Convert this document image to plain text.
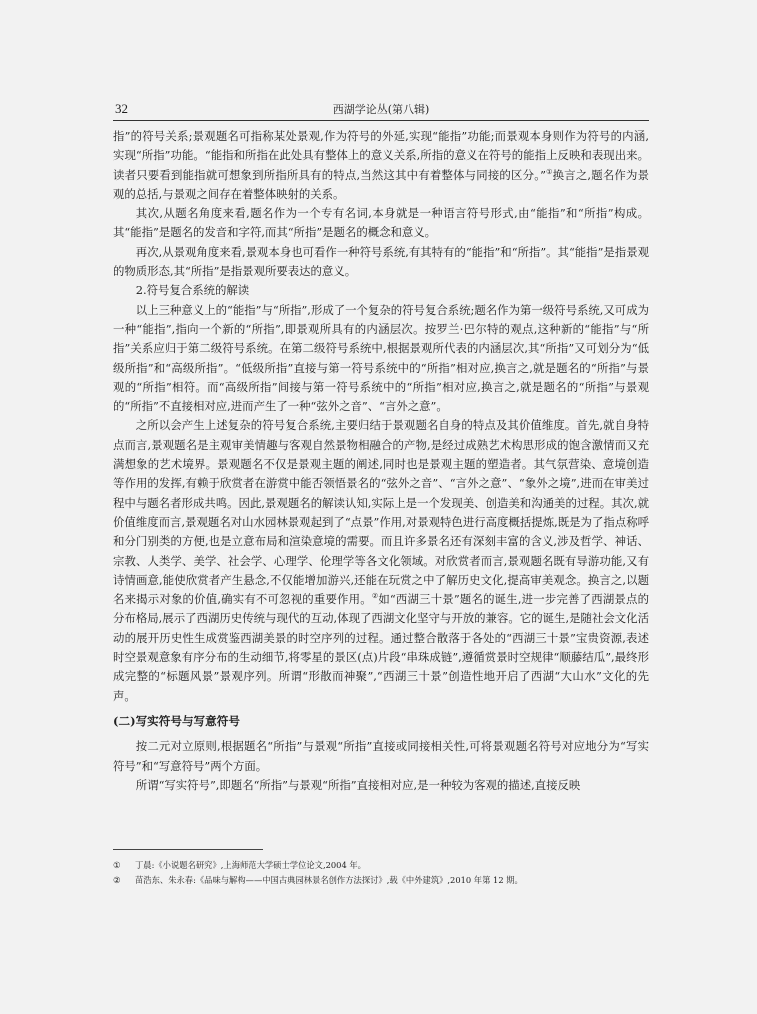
32	西湖学论丛(第八辑)

指”的符号关系;景观题名可指称某处景观,作为符号的外延,实现“能指”功能;而景观本身则作为符号的内涵,实现“所指”功能。“能指和所指在此处具有整体上的意义关系,所指的意义在符号的能指上反映和表现出来。读者只要看到能指就可想象到所指所具有的特点,当然这其中有着整体与同接的区分。”①换言之,题名作为景观的总括,与景观之间存在着整体映射的关系。

其次,从题名角度来看,题名作为一个专有名词,本身就是一种语言符号形式,由“能指”和“所指”构成。其“能指”是题名的发音和字符,而其“所指”是题名的概念和意义。

再次,从景观角度来看,景观本身也可看作一种符号系统,有其特有的“能指”和“所指”。其“能指”是指景观的物质形态,其“所指”是指景观所要表达的意义。

2.符号复合系统的解读

以上三种意义上的“能指”与“所指”,形成了一个复杂的符号复合系统;题名作为第一级符号系统,又可成为一种“能指”,指向一个新的“所指”,即景观所具有的内涵层次。按罗兰·巴尔特的观点,这种新的“能指”与“所指”关系应归于第二级符号系统。在第二级符号系统中,根据景观所代表的内涵层次,其“所指”又可划分为“低级所指”和“高级所指”。“低级所指”直接与第一符号系统中的“所指”相对应,换言之,就是题名的“所指”与景观的“所指”相符。而“高级所指”间接与第一符号系统中的“所指”相对应,换言之,就是题名的“所指”与景观的“所指”不直接相对应,进而产生了一种“弦外之音”、“言外之意”。

之所以会产生上述复杂的符号复合系统,主要归结于景观题名自身的特点及其价值维度。首先,就自身特点而言,景观题名是主观审美情趣与客观自然景物相融合的产物,是经过成熟艺术构思形成的饱含激情而又充满想象的艺术境界。景观题名不仅是景观主题的阐述,同时也是景观主题的塑造者。其气氛营染、意境创造等作用的发挥,有赖于欣赏者在游赏中能否领悟景名的“弦外之音”、“言外之意”、“象外之境”,进而在审美过程中与题名者形成共鸣。因此,景观题名的解读认知,实际上是一个发现美、创造美和沟通美的过程。其次,就价值维度而言,景观题名对山水园林景观起到了“点景”作用,对景观特色进行高度概括提炼,既是为了指点称呼和分门别类的方便,也是立意布局和渲染意境的需要。而且许多景名还有深刻丰富的含义,涉及哲学、神话、宗教、人类学、美学、社会学、心理学、伦理学等各文化领域。对欣赏者而言,景观题名既有导游功能,又有诗情画意,能使欣赏者产生悬念,不仅能增加游兴,还能在玩赏之中了解历史文化,提高审美观念。换言之,以题名来揭示对象的价值,确实有不可忽视的重要作用。②如“西湖三十景”题名的诞生,进一步完善了西湖景点的分布格局,展示了西湖历史传统与现代的互动,体现了西湖文化坚守与开放的兼容。它的诞生,是随社会文化活动的展开历史性生成赏鉴西湖美景的时空序列的过程。通过整合散落于各处的“西湖三十景”宝贵资源,表述时空景观意象有序分布的生动细节,将零星的景区(点)片段“串珠成链”,遵循赏景时空规律“顺藤结瓜”,最终形成完整的“标题风景”景观序列。所谓“形散而神聚”,“西湖三十景”创造性地开启了西湖“大山水”文化的先声。

(二)写实符号与写意符号

按二元对立原则,根据题名“所指”与景观“所指”直接或同接相关性,可将景观题名符号对应地分为“写实符号”和“写意符号”两个方面。

所谓“写实符号”,即题名“所指”与景观“所指”直接相对应,是一种较为客观的描述,直接反映

①	丁晨:《小说题名研究》,上海师范大学硕士学位论文,2004 年。
②	苗浩东、朱永春:《品味与解构——中国古典园林景名创作方法探讨》,载《中外建筑》,2010 年第 12 期。
